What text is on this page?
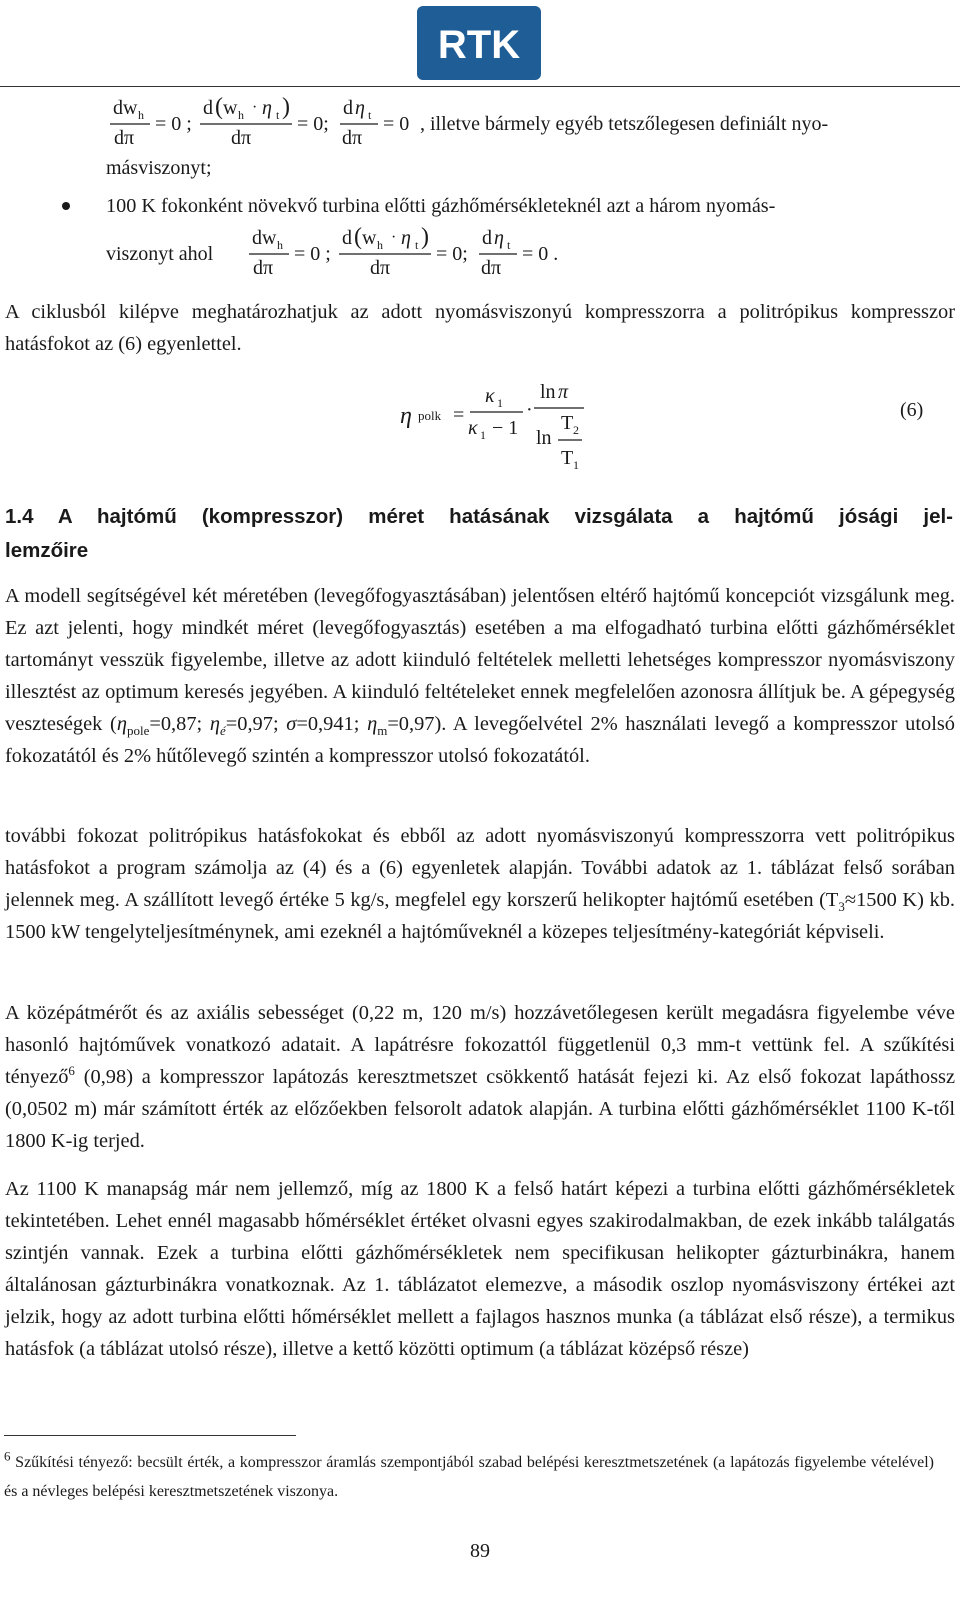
RTK
dw h
dπ
= 0 ;
d ( w h · η t )
dπ
= 0;
d η t
dπ
= 0 , illetve bármely egyéb tetszőlegesen definiált nyo-
másviszonyt;
100 K fokonként növekvő turbina előtti gázhőmérsékleteknél azt a három nyomás-
viszonyt ahol
dw h
dπ
= 0 ;
d ( w h · η t )
dπ
= 0;
d η t
dπ
= 0 .
A ciklusból kilépve meghatározhatjuk az adott nyomásviszonyú kompresszorra a politrópikus kompresszor hatásfokot az (6) egyenlettel.
η polk =
κ 1
κ 1 − 1
·
ln π
ln
T 2
T 1
(6)
1.4 A hajtómű (kompresszor) méret hatásának vizsgálata a hajtómű jósági jel-
lemzőire
A modell segítségével két méretében (levegőfogyasztásában) jelentősen eltérő hajtómű koncepciót vizsgálunk meg. Ez azt jelenti, hogy mindkét méret (levegőfogyasztás) esetében a ma elfogadható turbina előtti gázhőmérséklet tartományt vesszük figyelembe, illetve az adott kiinduló feltételek melletti lehetséges kompresszor nyomásviszony illesztést az optimum keresés jegyében. A kiinduló feltételeket ennek megfelelően azonosra állítjuk be. A gépegység veszteségek ($\eta_{pole}=0,87$; $\eta_é=0,97$; σ=0,941; $\eta_m=0,97$). A levegőelvétel 2% használati levegő a kompresszor utolsó fokozatától és 2% hűtőlevegő szintén a kompresszor utolsó fokozatától.
további fokozat politrópikus hatásfokokat és ebből az adott nyomásviszonyú kompresszorra vett politrópikus hatásfokot a program számolja az (4) és a (6) egyenletek alapján. További adatok az 1. táblázat felső sorában jelennek meg. A szállított levegő értéke 5 kg/s, megfelel egy korszerű helikopter hajtómű esetében ($T_3\approx 1500$ K) kb. 1500 kW tengelyteljesítménynek, ami ezeknél a hajtóműveknél a közepes teljesítmény-kategóriát képviseli.
A középátmérőt és az axiális sebességet (0,22 m, 120 m/s) hozzávetőlegesen került megadásra figyelembe véve hasonló hajtóművek vonatkozó adatait. A lapátrésre fokozattól függetlenül 0,3 mm-t vettünk fel. A szűkítési tényező$^6$ (0,98) a kompresszor lapátozás keresztmetszet csökkentő hatását fejezi ki. Az első fokozat lapáthossz (0,0502 m) már számított érték az előzőekben felsorolt adatok alapján. A turbina előtti gázhőmérséklet 1100 K-től 1800 K-ig terjed.
Az 1100 K manapság már nem jellemző, míg az 1800 K a felső határt képezi a turbina előtti gázhőmérsékletek tekintetében. Lehet ennél magasabb hőmérséklet értéket olvasni egyes szakirodalmakban, de ezek inkább találgatás szintjén vannak. Ezek a turbina előtti gázhőmérsékletek nem specifikusan helikopter gázturbinákra, hanem általánosan gázturbinákra vonatkoznak. Az 1. táblázatot elemezve, a második oszlop nyomásviszony értékei azt jelzik, hogy az adott turbina előtti hőmérséklet mellett a fajlagos hasznos munka (a táblázat első része), a termikus hatásfok (a táblázat utolsó része), illetve a kettő közötti optimum (a táblázat középső része)
$^6$ Szűkítési tényező: becsült érték, a kompresszor áramlás szempontjából szabad belépési keresztmetszetének (a lapátozás figyelembe vételével) és a névleges belépési keresztmetszetének viszonya.
89
